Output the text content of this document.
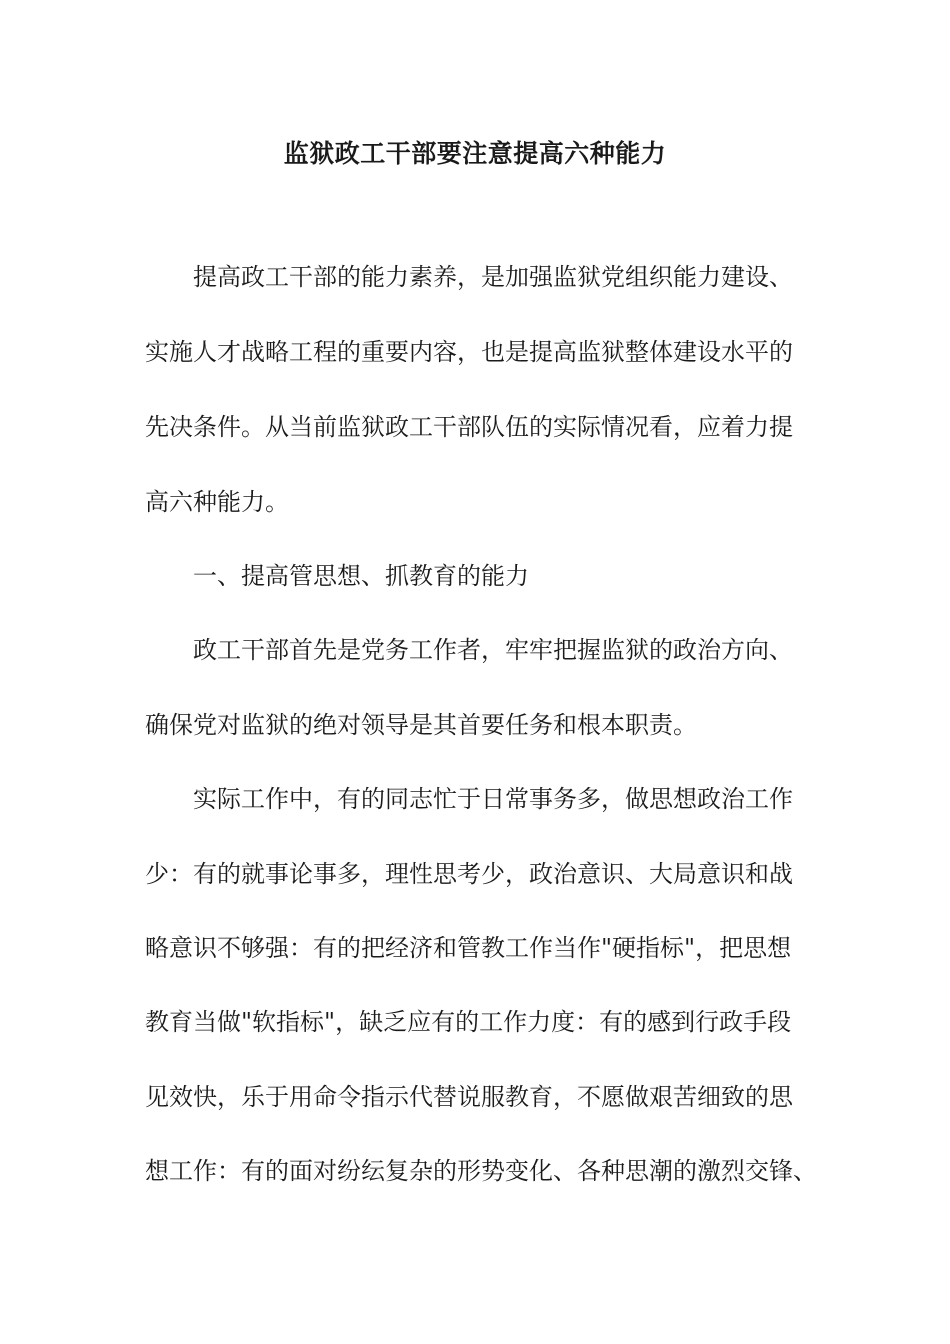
监狱政工干部要注意提高六种能力
提高政工干部的能力素养，是加强监狱党组织能力建设、
实施人才战略工程的重要内容，也是提高监狱整体建设水平的
先决条件。从当前监狱政工干部队伍的实际情况看，应着力提
高六种能力。
一、提高管思想、抓教育的能力
政工干部首先是党务工作者，牢牢把握监狱的政治方向、
确保党对监狱的绝对领导是其首要任务和根本职责。
实际工作中，有的同志忙于日常事务多，做思想政治工作
少：有的就事论事多，理性思考少，政治意识、大局意识和战
略意识不够强：有的把经济和管教工作当作"硬指标"，把思想
教育当做"软指标"，缺乏应有的工作力度：有的感到行政手段
见效快，乐于用命令指示代替说服教育，不愿做艰苦细致的思
想工作：有的面对纷纭复杂的形势变化、各种思潮的激烈交锋、
